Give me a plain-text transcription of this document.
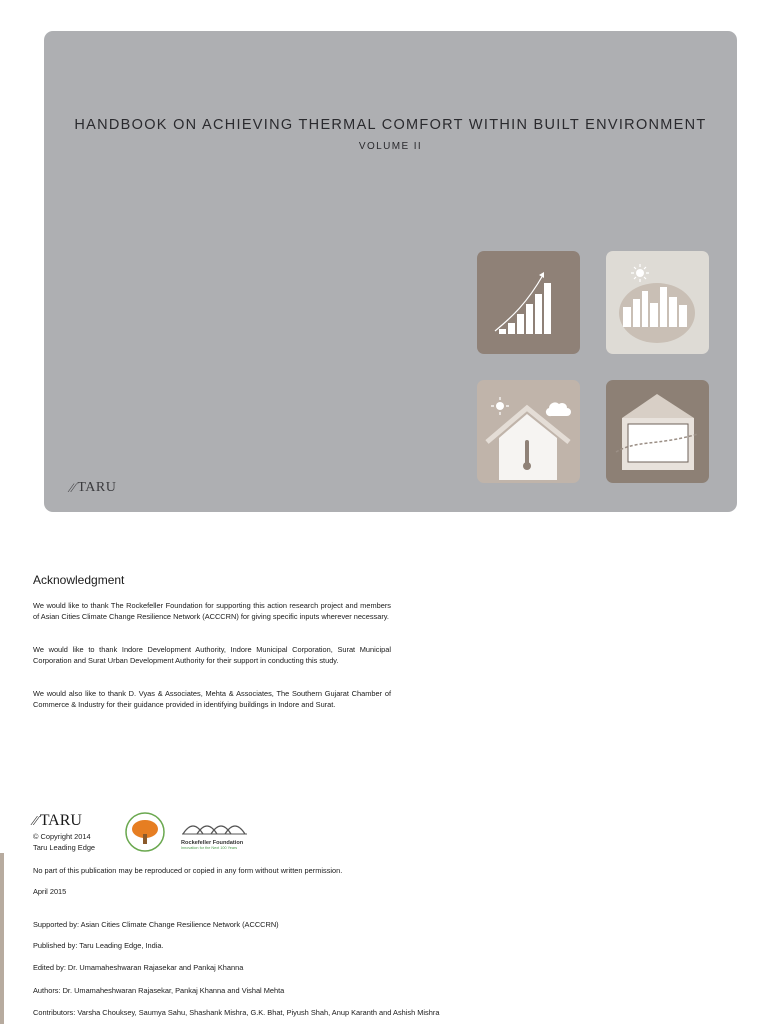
HANDBOOK ON ACHIEVING THERMAL COMFORT WITHIN BUILT ENVIRONMENT
VOLUME II
⁄⁄ TARU
Acknowledgment

We would like to thank The Rockefeller Foundation for supporting this action research project and members of Asian Cities Climate Change Resilience Network (ACCCRN) for giving specific inputs wherever necessary.

We would like to thank Indore Development Authority, Indore Municipal Corporation, Surat Municipal Corporation and Surat Urban Development Authority for their support in conducting this study.

We would also like to thank D. Vyas & Associates, Mehta & Associates, The Southern Gujarat Chamber of Commerce & Industry for their guidance provided in identifying buildings in Indore and Surat.

⁄⁄ TARU
© Copyright 2014
Taru Leading Edge	Rockefeller Foundation
Innovation for the Next 100 Years

No part of this publication may be reproduced or copied in any form without written permission.

April 2015

Supported by: Asian Cities Climate Change Resilience Network (ACCCRN)

Published by: Taru Leading Edge, India.

Edited by: Dr. Umamaheshwaran Rajasekar and Pankaj Khanna

Authors: Dr. Umamaheshwaran Rajasekar, Pankaj Khanna and Vishal Mehta

Contributors: Varsha Chouksey, Saumya Sahu, Shashank Mishra, G.K. Bhat, Piyush Shah, Anup Karanth and Ashish Mishra
